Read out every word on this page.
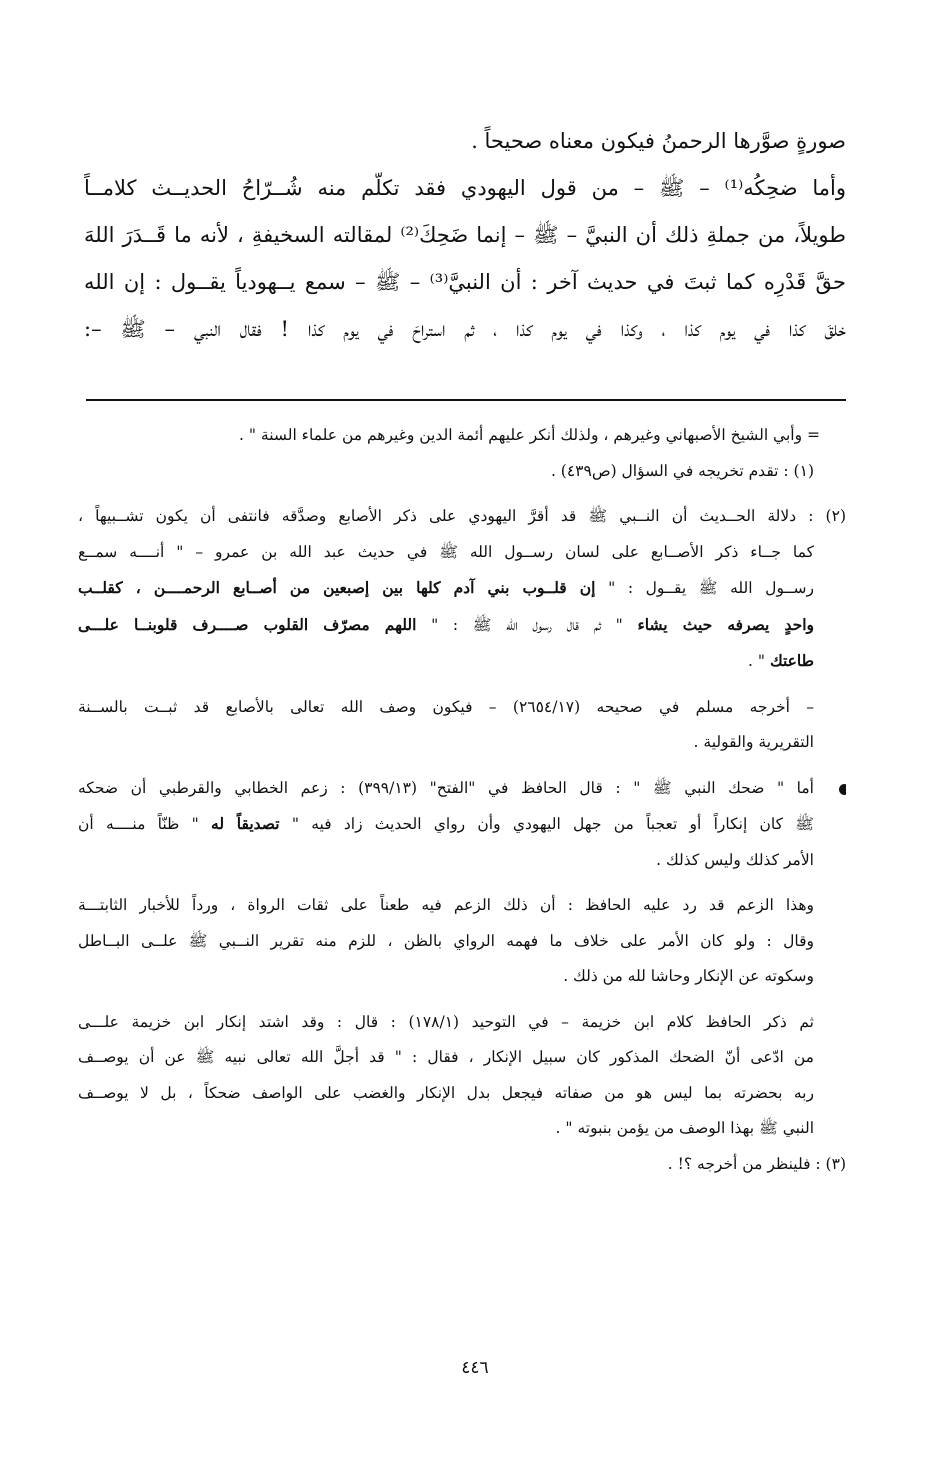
صورةٍ صوَّرها الرحمنُ فيكون معناه صحيحاً .
وأما ضحِكُه⁽¹⁾ – ﷺ – من قول اليهودي فقد تكلّم منه شُــرّاحُ الحديــث كلامــاً
طويلاً، من جملةِ ذلك أن النبيَّ – ﷺ – إنما ضَحِكَ⁽²⁾ لمقالته السخيفةِ ، لأنه ما قَــدَرَ اللهَ
حقَّ قَدْرِه كما ثبتَ في حديث آخر : أن النبيَّ⁽³⁾ – ﷺ – سمع يــهودياً يقــول : إن الله
خلقَ كذا في يوم كذا ، وكذا في يوم كذا ، ثم استراحَ في يوم كذا ! فقال النبي – ﷺ –:
= وأبي الشيخ الأصبهاني وغيرهم ، ولذلك أنكر عليهم أئمة الدين وغيرهم من علماء السنة " .
(١) : تقدم تخريجه في السؤال (ص٤٣٩) .
(٢) : دلالة الحــديث أن النــبي ﷺ قد أقرَّ اليهودي على ذكر الأصابع وصدَّقه فانتفى أن يكون تشــبيهاً ،
كما جــاء ذكر الأصــابع على لسان رســول الله ﷺ في حديث عبد الله بن عمرو – " أنــــه سمــع
رســول الله ﷺ يقــول : " إن قلــوب بني آدم كلها بين إصبعين من أصــابع الرحمــــن ، كقلــب
واحدٍ يصرفه حيث يشاء " ثم قال رسول الله ﷺ : " اللهم مصرّف القلوب صــــرف قلوبنــا علـــى
طاعتك " .
– أخرجه مسلم في صحيحه (٢٦٥٤/١٧) – فيكون وصف الله تعالى بالأصابع قد ثبــت بالســنة
التقريرية والقولية .
أما " ضحك النبي ﷺ " : قال الحافظ في "الفتح" (٣٩٩/١٣) : زعم الخطابي والقرطبي أن ضحكه
ﷺ كان إنكاراً أو تعجباً من جهل اليهودي وأن رواي الحديث زاد فيه " تصديقاً له " ظنّاً منــــه أن
الأمر كذلك وليس كذلك .
وهذا الزعم قد رد عليه الحافظ : أن ذلك الزعم فيه طعناً على ثقات الرواة ، ورداً للأخبار الثابتـــة
وقال : ولو كان الأمر على خلاف ما فهمه الرواي بالظن ، للزم منه تقرير النــبي ﷺ علــى البــاطل
وسكوته عن الإنكار وحاشا لله من ذلك .
ثم ذكر الحافظ كلام ابن خزيمة – في التوحيد (١٧٨/١) : قال : وقد اشتد إنكار ابن خزيمة علـــى
من ادّعى أنّ الضحك المذكور كان سبيل الإنكار ، فقال : " قد أجلَّ الله تعالى نبيه ﷺ عن أن يوصــف
ربه بحضرته بما ليس هو من صفاته فيجعل بدل الإنكار والغضب على الواصف ضحكاً ، بل لا يوصــف
النبي ﷺ بهذا الوصف من يؤمن بنبوته " .
(٣) : فلينظر من أخرجه ؟! .
٤٤٦
